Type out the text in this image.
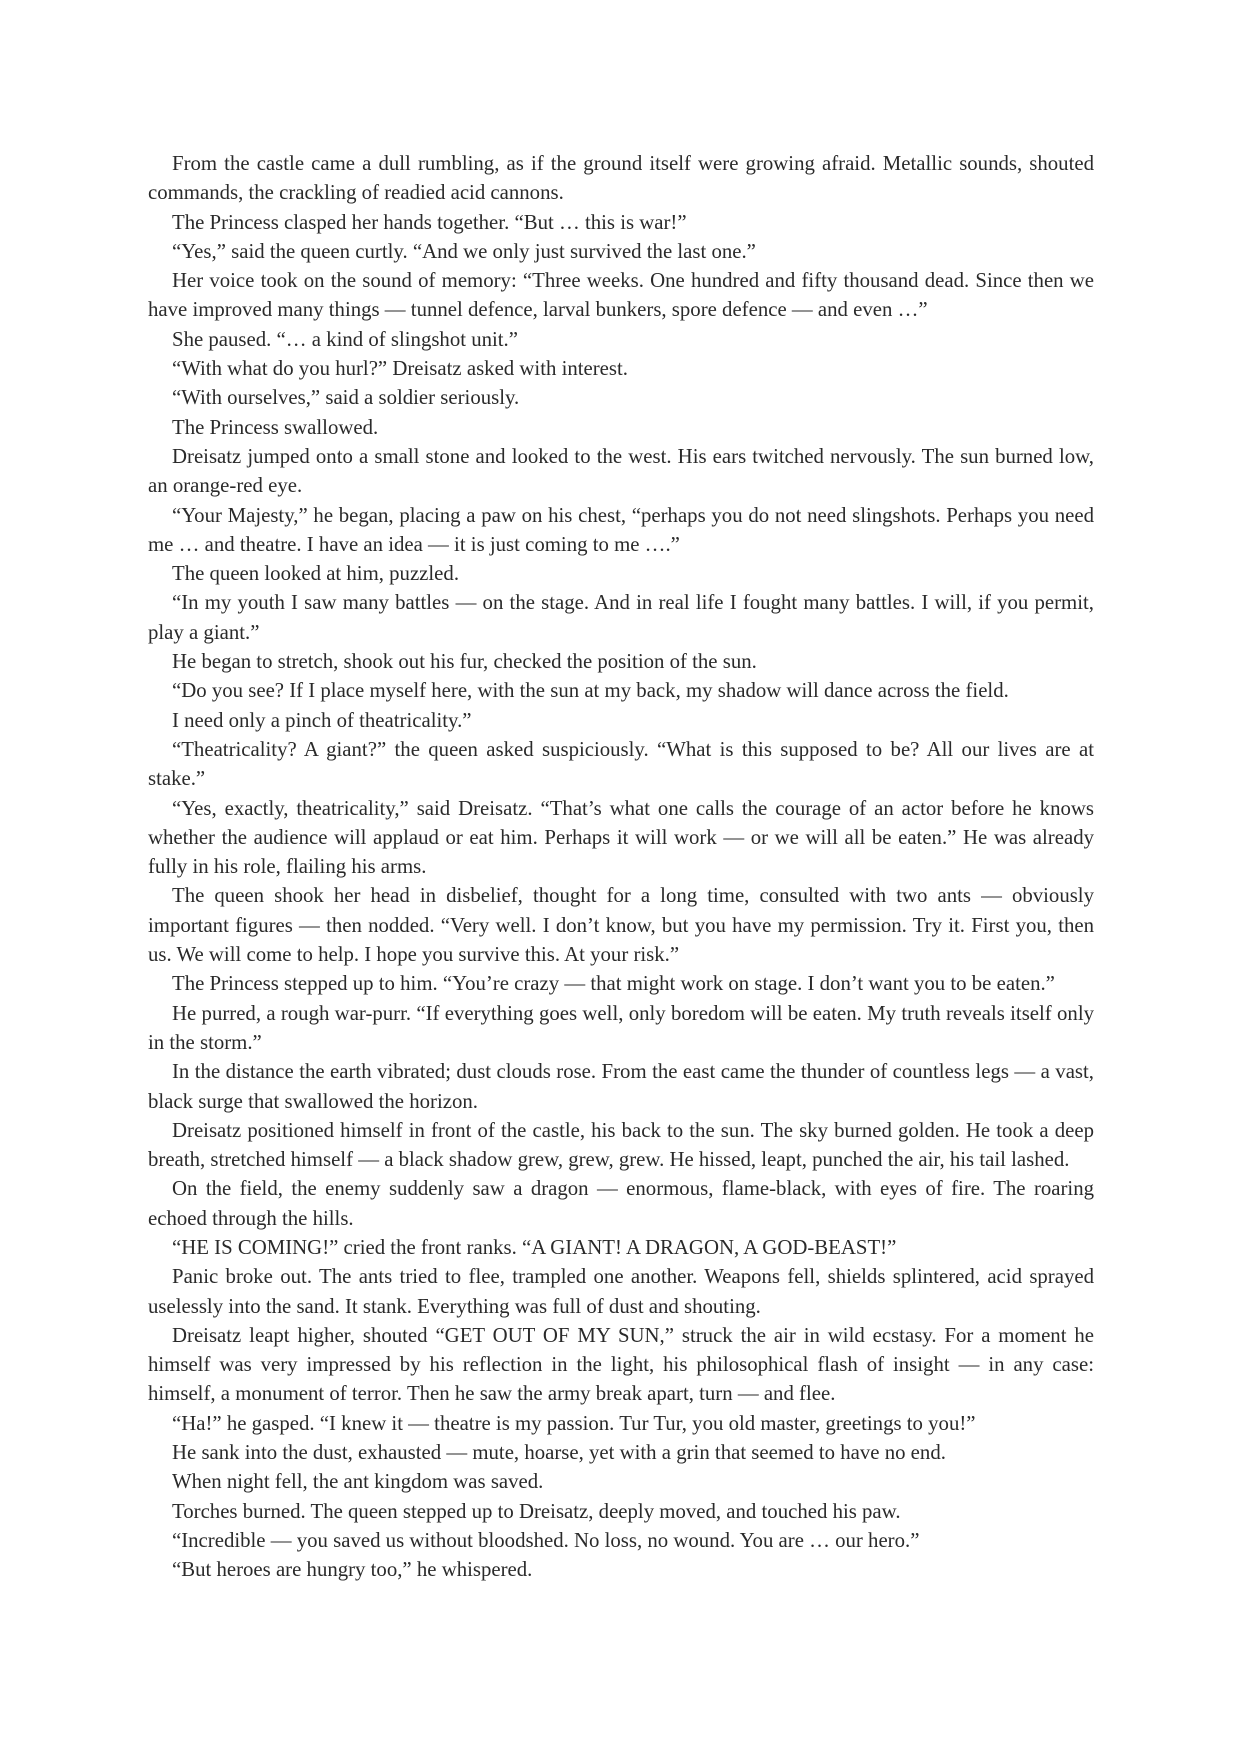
From the castle came a dull rumbling, as if the ground itself were growing afraid. Metallic sounds, shouted commands, the crackling of readied acid cannons.

The Princess clasped her hands together. “But … this is war!”

“Yes,” said the queen curtly. “And we only just survived the last one.”

Her voice took on the sound of memory: “Three weeks. One hundred and fifty thousand dead. Since then we have improved many things — tunnel defence, larval bunkers, spore defence — and even …”

She paused. “… a kind of slingshot unit.”

“With what do you hurl?” Dreisatz asked with interest.

“With ourselves,” said a soldier seriously.

The Princess swallowed.

Dreisatz jumped onto a small stone and looked to the west. His ears twitched nervously. The sun burned low, an orange-red eye.

“Your Majesty,” he began, placing a paw on his chest, “perhaps you do not need slingshots. Perhaps you need me … and theatre. I have an idea — it is just coming to me ….”

The queen looked at him, puzzled.

“In my youth I saw many battles — on the stage. And in real life I fought many battles. I will, if you permit, play a giant.”

He began to stretch, shook out his fur, checked the position of the sun.

“Do you see? If I place myself here, with the sun at my back, my shadow will dance across the field.

I need only a pinch of theatricality.”

“Theatricality? A giant?” the queen asked suspiciously. “What is this supposed to be? All our lives are at stake.”

“Yes, exactly, theatricality,” said Dreisatz. “That’s what one calls the courage of an actor before he knows whether the audience will applaud or eat him. Perhaps it will work — or we will all be eaten.” He was already fully in his role, flailing his arms.

The queen shook her head in disbelief, thought for a long time, consulted with two ants — obviously important figures — then nodded. “Very well. I don’t know, but you have my permission. Try it. First you, then us. We will come to help. I hope you survive this. At your risk.”

The Princess stepped up to him. “You’re crazy — that might work on stage. I don’t want you to be eaten.”

He purred, a rough war-purr. “If everything goes well, only boredom will be eaten. My truth reveals itself only in the storm.”

In the distance the earth vibrated; dust clouds rose. From the east came the thunder of countless legs — a vast, black surge that swallowed the horizon.

Dreisatz positioned himself in front of the castle, his back to the sun. The sky burned golden. He took a deep breath, stretched himself — a black shadow grew, grew, grew. He hissed, leapt, punched the air, his tail lashed.

On the field, the enemy suddenly saw a dragon — enormous, flame-black, with eyes of fire. The roaring echoed through the hills.

“HE IS COMING!” cried the front ranks. “A GIANT! A DRAGON, A GOD-BEAST!”

Panic broke out. The ants tried to flee, trampled one another. Weapons fell, shields splintered, acid sprayed uselessly into the sand. It stank. Everything was full of dust and shouting.

Dreisatz leapt higher, shouted “GET OUT OF MY SUN,” struck the air in wild ecstasy. For a moment he himself was very impressed by his reflection in the light, his philosophical flash of insight — in any case: himself, a monument of terror. Then he saw the army break apart, turn — and flee.

“Ha!” he gasped. “I knew it — theatre is my passion. Tur Tur, you old master, greetings to you!”

He sank into the dust, exhausted — mute, hoarse, yet with a grin that seemed to have no end.

When night fell, the ant kingdom was saved.

Torches burned. The queen stepped up to Dreisatz, deeply moved, and touched his paw.

“Incredible — you saved us without bloodshed. No loss, no wound. You are … our hero.”

“But heroes are hungry too,” he whispered.
